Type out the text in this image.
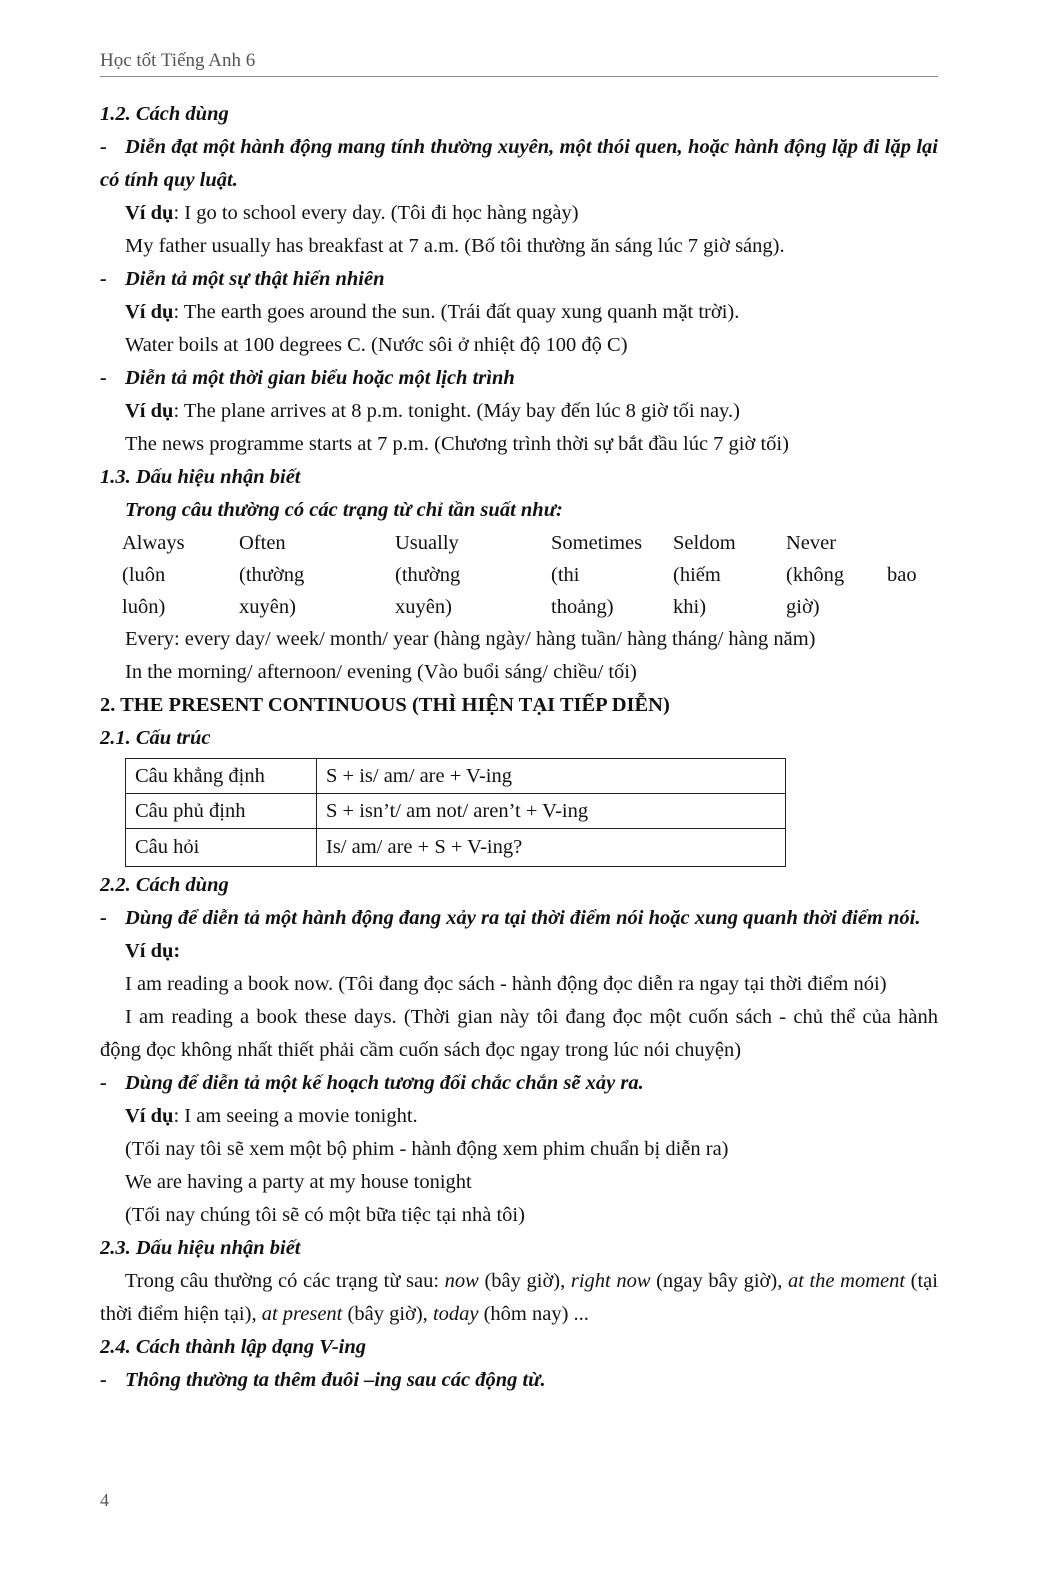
Học tốt Tiếng Anh 6
1.2. Cách dùng
- Diễn đạt một hành động mang tính thường xuyên, một thói quen, hoặc hành động lặp đi lặp lại có tính quy luật.
Ví dụ: I go to school every day. (Tôi đi học hàng ngày)
My father usually has breakfast at 7 a.m. (Bố tôi thường ăn sáng lúc 7 giờ sáng).
- Diễn tả một sự thật hiển nhiên
Ví dụ: The earth goes around the sun. (Trái đất quay xung quanh mặt trời).
Water boils at 100 degrees C. (Nước sôi ở nhiệt độ 100 độ C)
- Diễn tả một thời gian biểu hoặc một lịch trình
Ví dụ: The plane arrives at 8 p.m. tonight. (Máy bay đến lúc 8 giờ tối nay.)
The news programme starts at 7 p.m. (Chương trình thời sự bắt đầu lúc 7 giờ tối)
1.3. Dấu hiệu nhận biết
Trong câu thường có các trạng từ chỉ tần suất như:
Always	Often	Usually	Sometimes	Seldom	Never
(luôn	(thường	(thường	(thi	(hiếm	(không	bao
luôn)	xuyên)	xuyên)	thoảng)	khi)	giờ)
Every: every day/ week/ month/ year (hàng ngày/ hàng tuần/ hàng tháng/ hàng năm)
In the morning/ afternoon/ evening (Vào buổi sáng/ chiều/ tối)
2. THE PRESENT CONTINUOUS (THÌ HIỆN TẠI TIẾP DIỄN)
2.1. Cấu trúc
Câu khẳng định	S + is/ am/ are + V-ing
Câu phủ định	S + isn’t/ am not/ aren’t + V-ing
Câu hỏi	Is/ am/ are + S + V-ing?
2.2. Cách dùng
- Dùng để diễn tả một hành động đang xảy ra tại thời điểm nói hoặc xung quanh thời điểm nói.
Ví dụ:
I am reading a book now. (Tôi đang đọc sách - hành động đọc diễn ra ngay tại thời điểm nói)
I am reading a book these days. (Thời gian này tôi đang đọc một cuốn sách - chủ thể của hành động đọc không nhất thiết phải cầm cuốn sách đọc ngay trong lúc nói chuyện)
- Dùng để diễn tả một kế hoạch tương đối chắc chắn sẽ xảy ra.
Ví dụ: I am seeing a movie tonight.
(Tối nay tôi sẽ xem một bộ phim - hành động xem phim chuẩn bị diễn ra)
We are having a party at my house tonight
(Tối nay chúng tôi sẽ có một bữa tiệc tại nhà tôi)
2.3. Dấu hiệu nhận biết
Trong câu thường có các trạng từ sau: now (bây giờ), right now (ngay bây giờ), at the moment (tại thời điểm hiện tại), at present (bây giờ), today (hôm nay) ...
2.4. Cách thành lập dạng V-ing
- Thông thường ta thêm đuôi –ing sau các động từ.
4
